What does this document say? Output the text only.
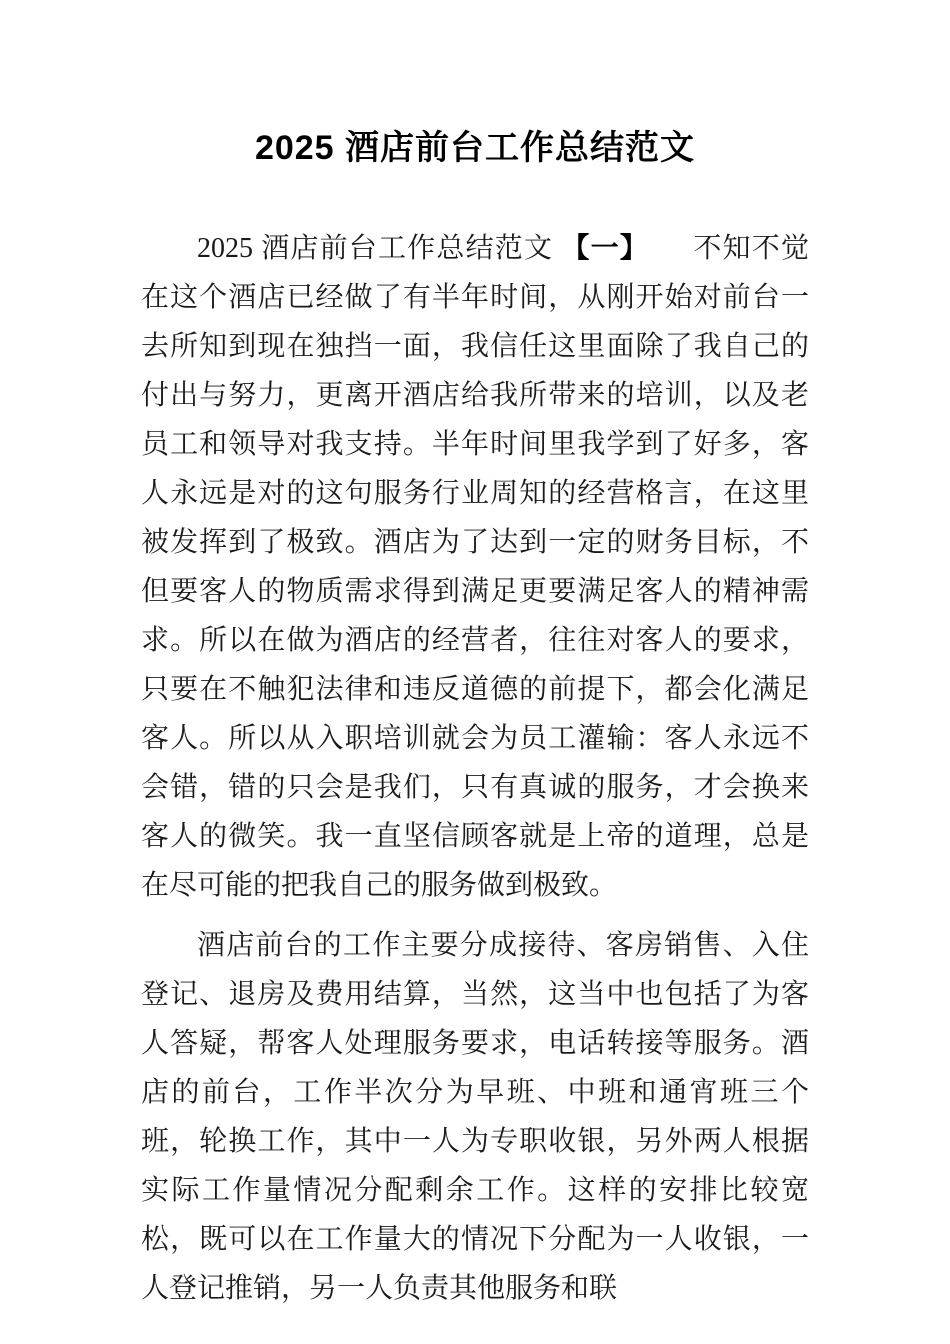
2025 酒店前台工作总结范文

2025 酒店前台工作总结范文 【一】　　不知不觉在这个酒店已经做了有半年时间，从刚开始对前台一去所知到现在独挡一面，我信任这里面除了我自己的付出与努力，更离开酒店给我所带来的培训，以及老员工和领导对我支持。半年时间里我学到了好多，客人永远是对的这句服务行业周知的经营格言，在这里被发挥到了极致。酒店为了达到一定的财务目标，不但要客人的物质需求得到满足更要满足客人的精神需求。所以在做为酒店的经营者，往往对客人的要求，只要在不触犯法律和违反道德的前提下，都会化满足客人。所以从入职培训就会为员工灌输：客人永远不会错，错的只会是我们，只有真诚的服务，才会换来客人的微笑。我一直坚信顾客就是上帝的道理，总是在尽可能的把我自己的服务做到极致。

酒店前台的工作主要分成接待、客房销售、入住登记、退房及费用结算，当然，这当中也包括了为客人答疑，帮客人处理服务要求，电话转接等服务。酒店的前台，工作半次分为早班、中班和通宵班三个班，轮换工作，其中一人为专职收银，另外两人根据实际工作量情况分配剩余工作。这样的安排比较宽松，既可以在工作量大的情况下分配为一人收银，一人登记推销，另一人负责其他服务和联
